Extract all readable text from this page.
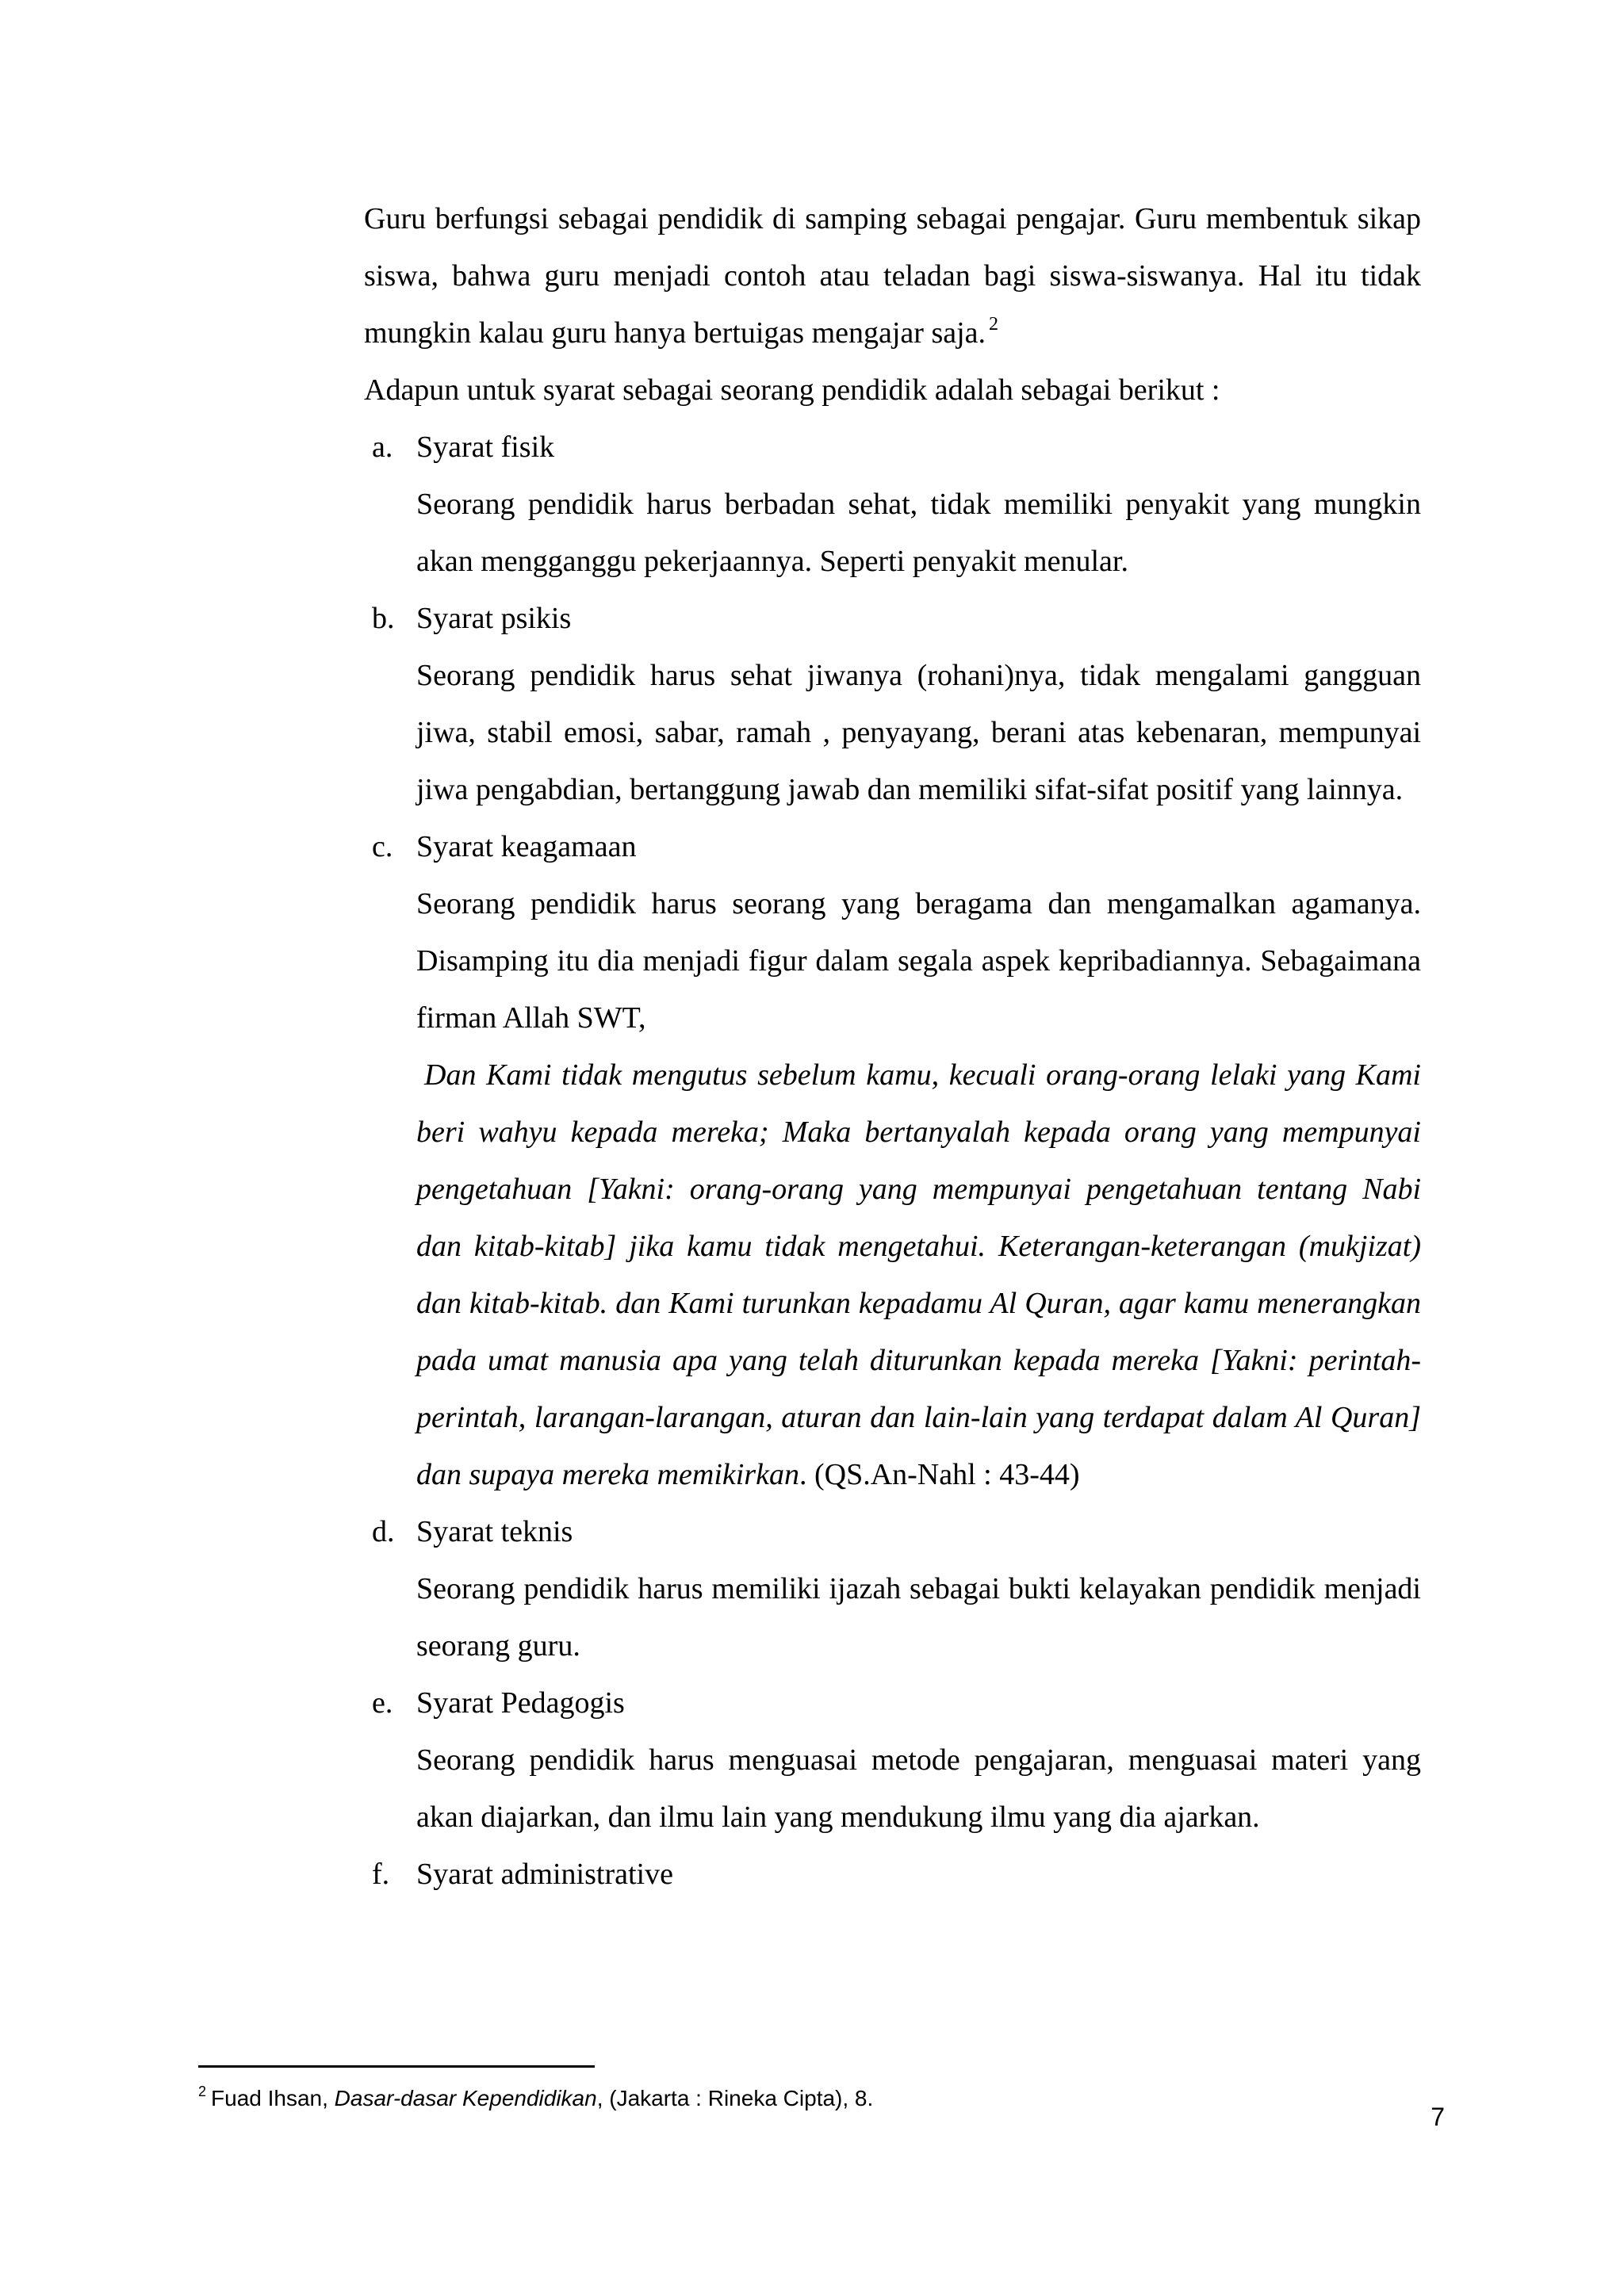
Guru berfungsi sebagai pendidik di samping sebagai pengajar. Guru membentuk sikap siswa, bahwa guru menjadi contoh atau teladan bagi siswa-siswanya. Hal itu tidak mungkin kalau guru hanya bertuigas mengajar saja. $^2$

Adapun untuk syarat sebagai seorang pendidik adalah sebagai berikut :

a. Syarat fisik
Seorang pendidik harus berbadan sehat, tidak memiliki penyakit yang mungkin akan mengganggu pekerjaannya. Seperti penyakit menular.
b. Syarat psikis
Seorang pendidik harus sehat jiwanya (rohani)nya, tidak mengalami gangguan jiwa, stabil emosi, sabar, ramah , penyayang, berani atas kebenaran, mempunyai jiwa pengabdian, bertanggung jawab dan memiliki sifat-sifat positif yang lainnya.
c. Syarat keagamaan
Seorang pendidik harus seorang yang beragama dan mengamalkan agamanya. Disamping itu dia menjadi figur dalam segala aspek kepribadiannya. Sebagaimana firman Allah SWT,
Dan Kami tidak mengutus sebelum kamu, kecuali orang-orang lelaki yang Kami beri wahyu kepada mereka; Maka bertanyalah kepada orang yang mempunyai pengetahuan [Yakni: orang-orang yang mempunyai pengetahuan tentang Nabi dan kitab-kitab] jika kamu tidak mengetahui. Keterangan-keterangan (mukjizat) dan kitab-kitab. dan Kami turunkan kepadamu Al Quran, agar kamu menerangkan pada umat manusia apa yang telah diturunkan kepada mereka [Yakni: perintah-perintah, larangan-larangan, aturan dan lain-lain yang terdapat dalam Al Quran] dan supaya mereka memikirkan. (QS.An-Nahl : 43-44)
d. Syarat teknis
Seorang pendidik harus memiliki ijazah sebagai bukti kelayakan pendidik menjadi seorang guru.
e. Syarat Pedagogis
Seorang pendidik harus menguasai metode pengajaran, menguasai materi yang akan diajarkan, dan ilmu lain yang mendukung ilmu yang dia ajarkan.
f. Syarat administrative
$^2$ Fuad Ihsan, Dasar-dasar Kependidikan, (Jakarta : Rineka Cipta), 8.
7
